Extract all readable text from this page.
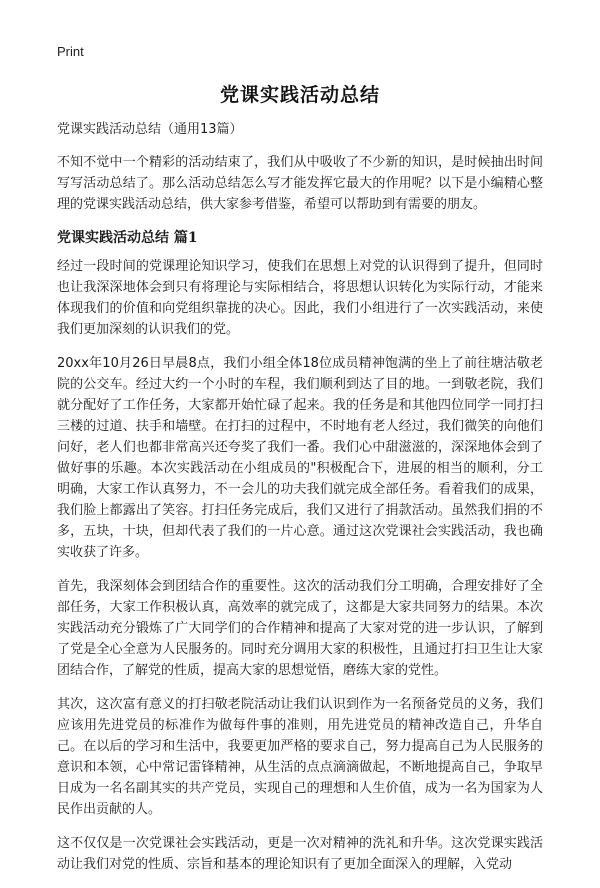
Print
党课实践活动总结
党课实践活动总结（通用13篇）

不知不觉中一个精彩的活动结束了，我们从中吸收了不少新的知识，是时候抽出时间写写活动总结了。那么活动总结怎么写才能发挥它最大的作用呢？以下是小编精心整理的党课实践活动总结，供大家参考借鉴，希望可以帮助到有需要的朋友。

党课实践活动总结 篇1

经过一段时间的党课理论知识学习，使我们在思想上对党的认识得到了提升，但同时也让我深深地体会到只有将理论与实际相结合，将思想认识转化为实际行动，才能来体现我们的价值和向党组织靠拢的决心。因此，我们小组进行了一次实践活动，来使我们更加深刻的认识我们的党。

20xx年10月26日早晨8点，我们小组全体18位成员精神饱满的坐上了前往塘沽敬老院的公交车。经过大约一个小时的车程，我们顺利到达了目的地。一到敬老院，我们就分配好了工作任务，大家都开始忙碌了起来。我的任务是和其他四位同学一同打扫三楼的过道、扶手和墙壁。在打扫的过程中，不时地有老人经过，我们微笑的向他们问好，老人们也都非常高兴还夸奖了我们一番。我们心中甜滋滋的，深深地体会到了做好事的乐趣。本次实践活动在小组成员的"积极配合下，进展的相当的顺利，分工明确，大家工作认真努力，不一会儿的功夫我们就完成全部任务。看着我们的成果，我们脸上都露出了笑容。打扫任务完成后，我们又进行了捐款活动。虽然我们捐的不多，五块，十块，但却代表了我们的一片心意。通过这次党课社会实践活动，我也确实收获了许多。

首先，我深刻体会到团结合作的重要性。这次的活动我们分工明确，合理安排好了全部任务，大家工作积极认真，高效率的就完成了，这都是大家共同努力的结果。本次实践活动充分锻炼了广大同学们的合作精神和提高了大家对党的进一步认识，了解到了党是全心全意为人民服务的。同时充分调用大家的积极性，且通过打扫卫生让大家团结合作，了解党的性质，提高大家的思想觉悟，磨练大家的党性。

其次，这次富有意义的打扫敬老院活动让我们认识到作为一名预备党员的义务，我们应该用先进党员的标准作为做每件事的准则，用先进党员的精神改造自己，升华自己。在以后的学习和生活中，我要更加严格的要求自己，努力提高自己为人民服务的意识和本领，心中常记雷锋精神，从生活的点点滴滴做起，不断地提高自己，争取早日成为一名名副其实的共产党员，实现自己的理想和人生价值，成为一名为国家为人民作出贡献的人。

这不仅仅是一次党课社会实践活动，更是一次对精神的洗礼和升华。这次党课实践活动让我们对党的性质、宗旨和基本的理论知识有了更加全面深入的理解，入党动
